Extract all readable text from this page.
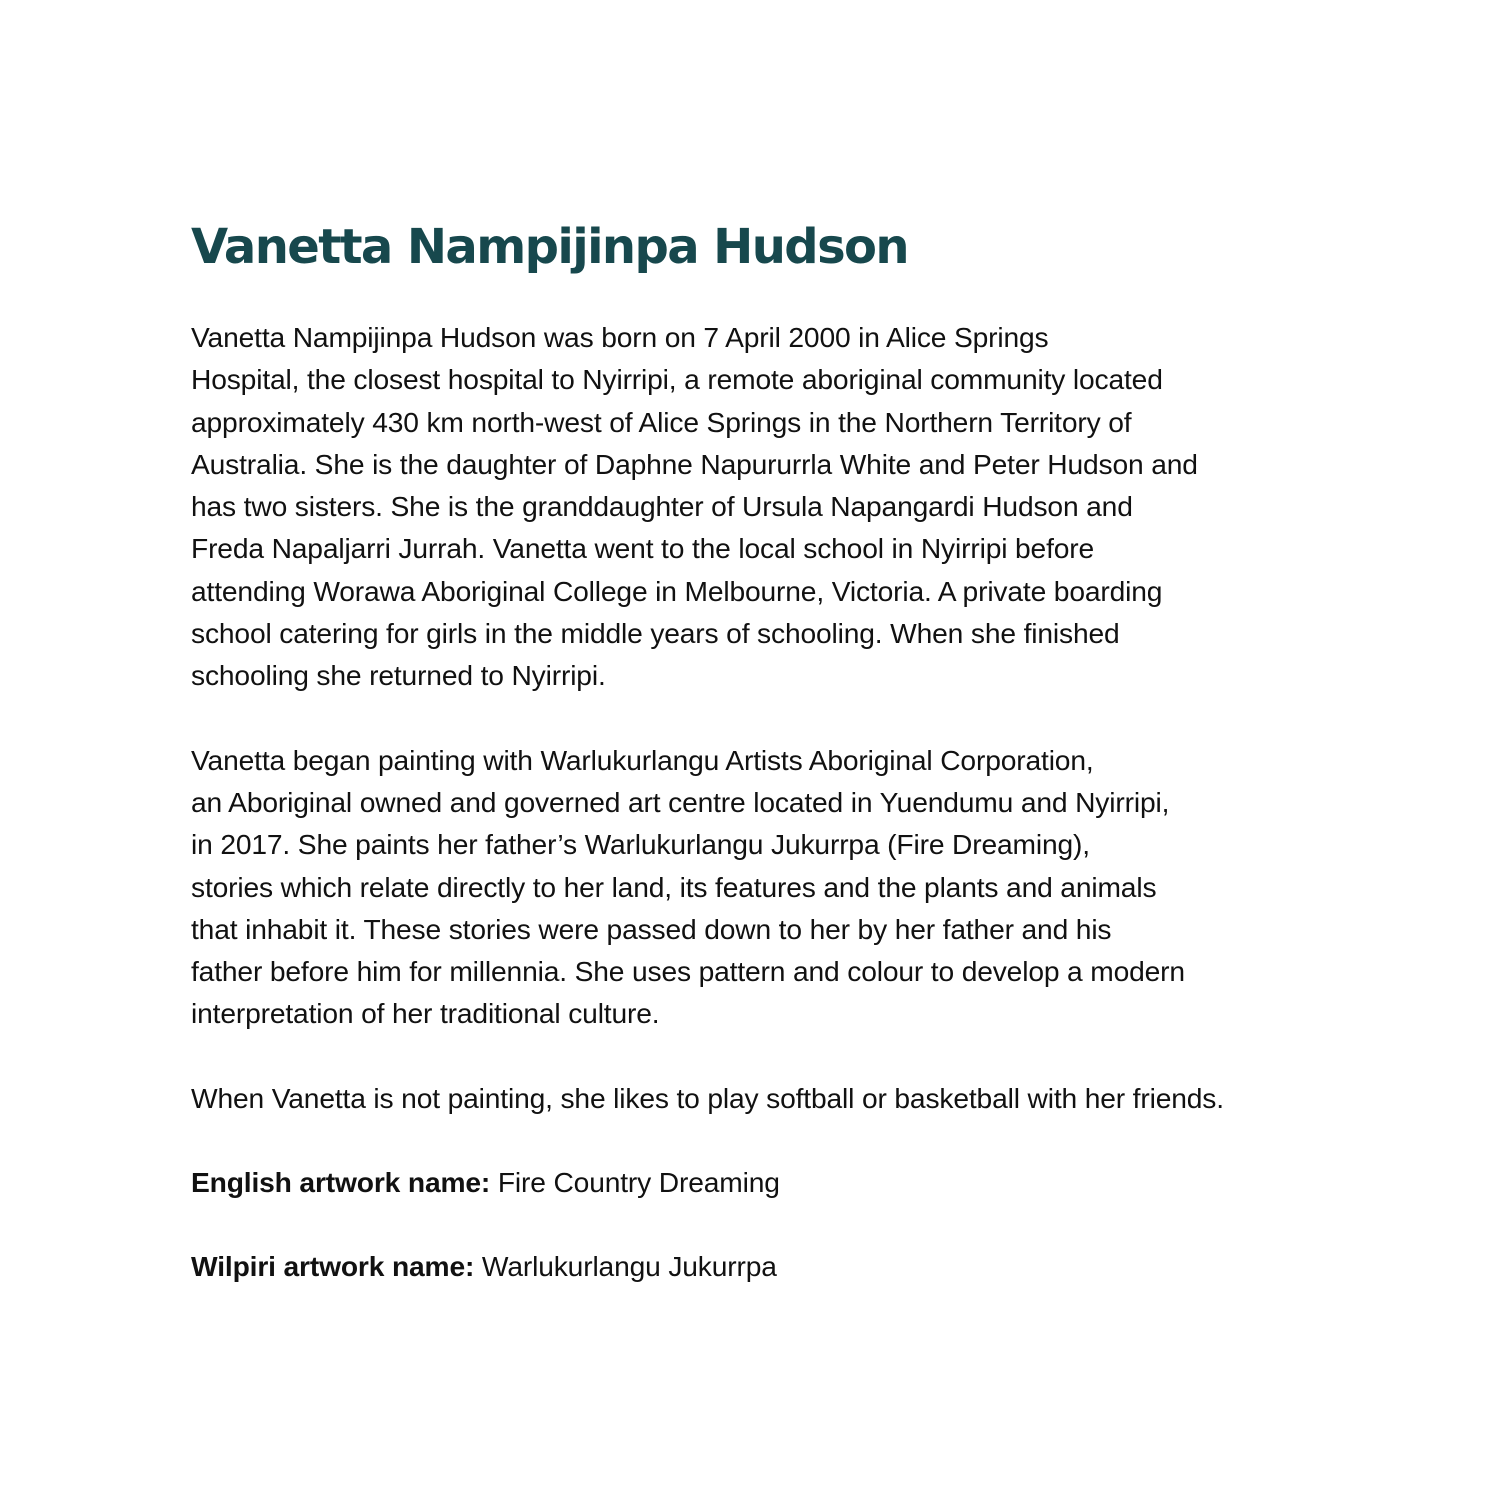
Vanetta Nampijinpa Hudson
Vanetta Nampijinpa Hudson was born on 7 April 2000 in Alice Springs
Hospital, the closest hospital to Nyirripi, a remote aboriginal community located
approximately 430 km north-west of Alice Springs in the Northern Territory of
Australia. She is the daughter of Daphne Napururrla White and Peter Hudson and
has two sisters. She is the granddaughter of Ursula Napangardi Hudson and
Freda Napaljarri Jurrah. Vanetta went to the local school in Nyirripi before
attending Worawa Aboriginal College in Melbourne, Victoria. A private boarding
school catering for girls in the middle years of schooling. When she finished
schooling she returned to Nyirripi.
Vanetta began painting with Warlukurlangu Artists Aboriginal Corporation,
an Aboriginal owned and governed art centre located in Yuendumu and Nyirripi,
in 2017. She paints her father’s Warlukurlangu Jukurrpa (Fire Dreaming),
stories which relate directly to her land, its features and the plants and animals
that inhabit it. These stories were passed down to her by her father and his
father before him for millennia. She uses pattern and colour to develop a modern
interpretation of her traditional culture.
When Vanetta is not painting, she likes to play softball or basketball with her friends.
English artwork name: Fire Country Dreaming
Wilpiri artwork name: Warlukurlangu Jukurrpa
